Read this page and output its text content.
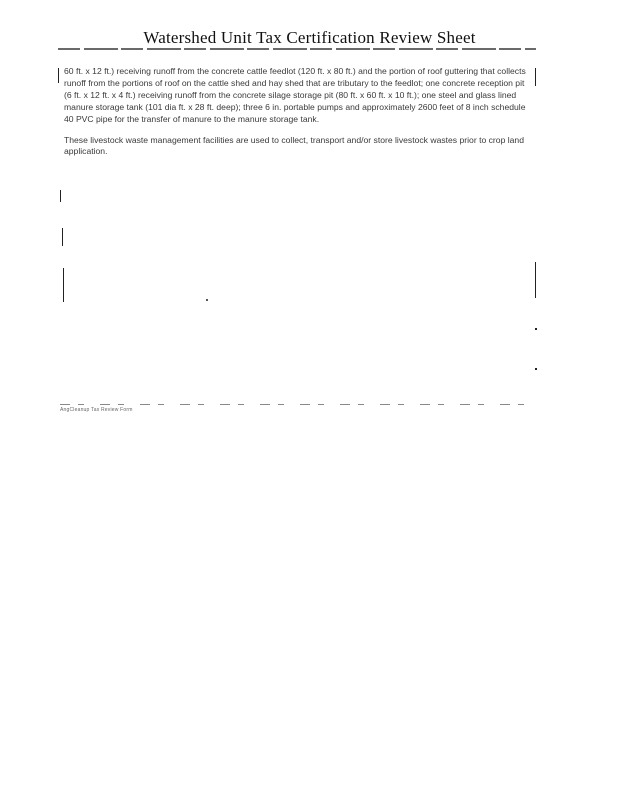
Watershed Unit Tax Certification Review Sheet

60 ft. x 12 ft.) receiving runoff from the concrete cattle feedlot (120 ft. x 80 ft.) and the portion of roof guttering that collects runoff from the portions of roof on the cattle shed and hay shed that are tributary to the feedlot; one concrete reception pit (6 ft. x 12 ft. x 4 ft.) receiving runoff from the concrete silage storage pit (80 ft. x 60 ft. x 10 ft.); one steel and glass lined manure storage tank (101 dia ft. x 28 ft. deep); three 6 in. portable pumps and approximately 2600 feet of 8 inch schedule 40 PVC pipe for the transfer of manure to the manure storage tank.

These livestock waste management facilities are used to collect, transport and/or store livestock wastes prior to crop land application.

AngCleanup Tax Review Form
